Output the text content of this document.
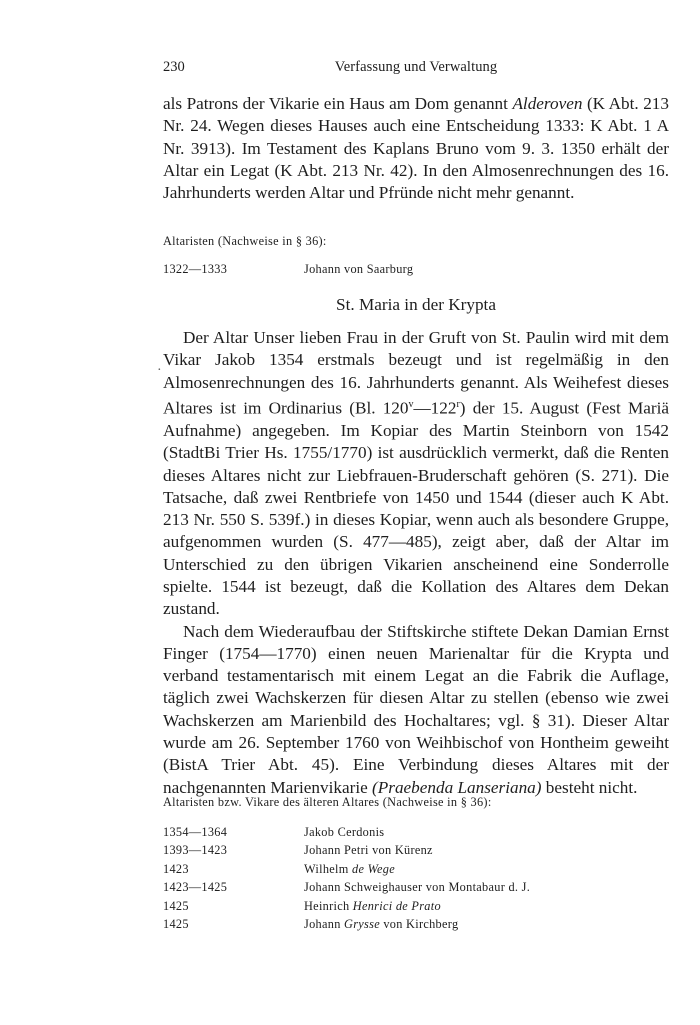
·
230	Verfassung und Verwaltung

als Patrons der Vikarie ein Haus am Dom genannt Alderoven (K Abt. 213 Nr. 24. Wegen dieses Hauses auch eine Entscheidung 1333: K Abt. 1 A Nr. 3913). Im Testament des Kaplans Bruno vom 9. 3. 1350 erhält der Altar ein Legat (K Abt. 213 Nr. 42). In den Almosenrechnungen des 16. Jahrhunderts werden Altar und Pfründe nicht mehr genannt.

Altaristen (Nachweise in § 36):
1322—1333	Johann von Saarburg
St. Maria in der Krypta

Der Altar Unser lieben Frau in der Gruft von St. Paulin wird mit dem Vikar Jakob 1354 erstmals bezeugt und ist regelmäßig in den Almosenrechnungen des 16. Jahrhunderts genannt. Als Weihefest dieses Altares ist im Ordinarius (Bl. 120$^v$—122$^r$) der 15. August (Fest Mariä Aufnahme) angegeben. Im Kopiar des Martin Steinborn von 1542 (StadtBi Trier Hs. 1755/1770) ist ausdrücklich vermerkt, daß die Renten dieses Altares nicht zur Liebfrauen-Bruderschaft gehören (S. 271). Die Tatsache, daß zwei Rentbriefe von 1450 und 1544 (dieser auch K Abt. 213 Nr. 550 S. 539f.) in dieses Kopiar, wenn auch als besondere Gruppe, aufgenommen wurden (S. 477—485), zeigt aber, daß der Altar im Unterschied zu den übrigen Vikarien anscheinend eine Sonderrolle spielte. 1544 ist bezeugt, daß die Kollation des Altares dem Dekan zustand.

Nach dem Wiederaufbau der Stiftskirche stiftete Dekan Damian Ernst Finger (1754—1770) einen neuen Marienaltar für die Krypta und verband testamentarisch mit einem Legat an die Fabrik die Auflage, täglich zwei Wachskerzen für diesen Altar zu stellen (ebenso wie zwei Wachskerzen am Marienbild des Hochaltares; vgl. § 31). Dieser Altar wurde am 26. September 1760 von Weihbischof von Hontheim geweiht (BistA Trier Abt. 45). Eine Verbindung dieses Altares mit der nachgenannten Marienvikarie (Praebenda Lanseriana) besteht nicht.

Altaristen bzw. Vikare des älteren Altares (Nachweise in § 36):
1354—1364	Jakob Cerdonis
1393—1423	Johann Petri von Kürenz
1423	Wilhelm de Wege
1423—1425	Johann Schweighauser von Montabaur d. J.
1425	Heinrich Henrici de Prato
1425	Johann Grysse von Kirchberg
